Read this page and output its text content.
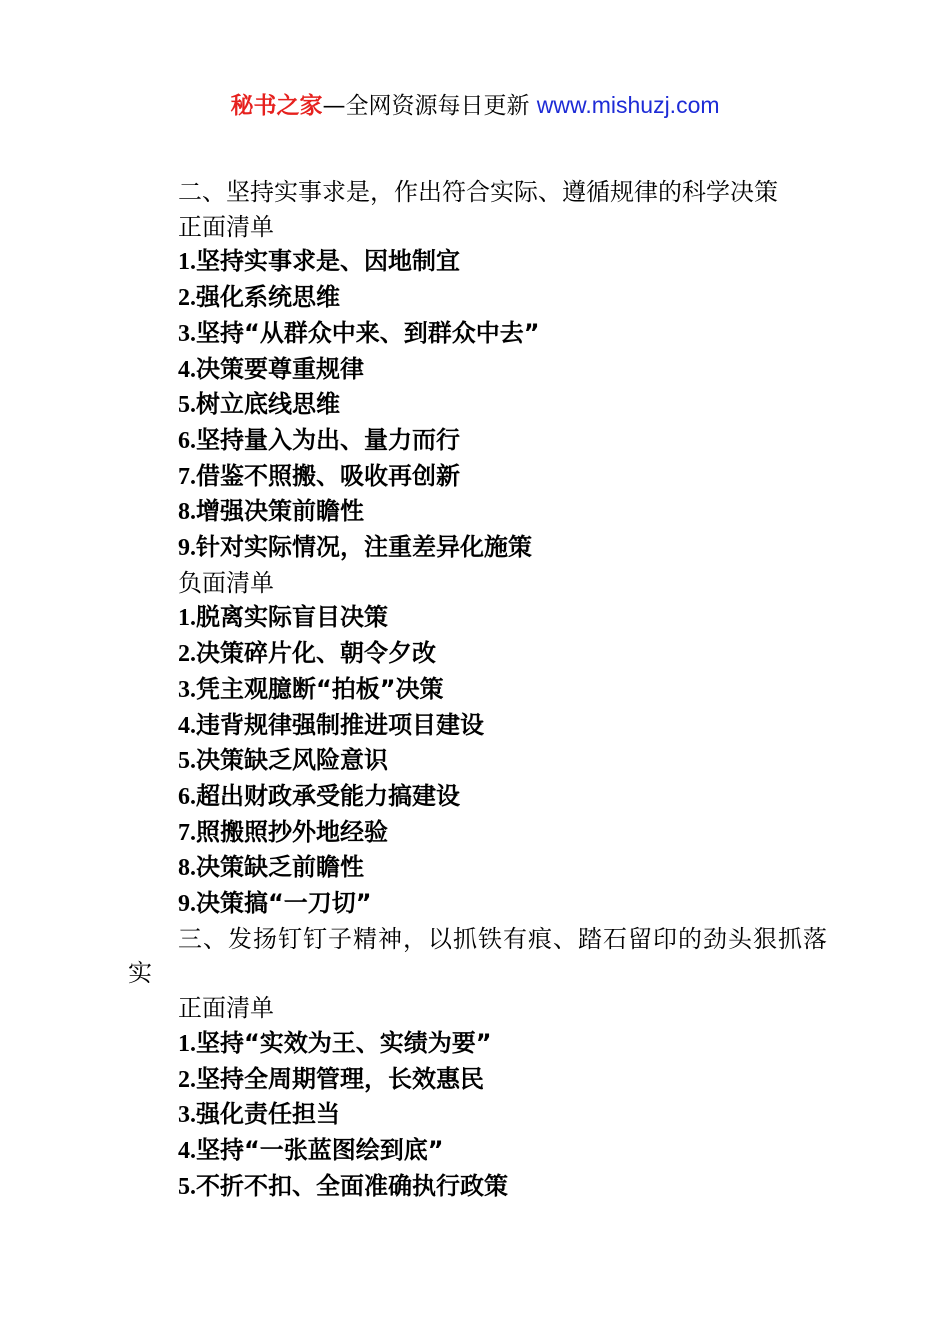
秘书之家—全网资源每日更新 www.mishuzj.com
二、坚持实事求是，作出符合实际、遵循规律的科学决策
正面清单
1.坚持实事求是、因地制宜
2.强化系统思维
3.坚持“从群众中来、到群众中去”
4.决策要尊重规律
5.树立底线思维
6.坚持量入为出、量力而行
7.借鉴不照搬、吸收再创新
8.增强决策前瞻性
9.针对实际情况，注重差异化施策
负面清单
1.脱离实际盲目决策
2.决策碎片化、朝令夕改
3.凭主观臆断“拍板”决策
4.违背规律强制推进项目建设
5.决策缺乏风险意识
6.超出财政承受能力搞建设
7.照搬照抄外地经验
8.决策缺乏前瞻性
9.决策搞“一刀切”
三、发扬钉钉子精神，以抓铁有痕、踏石留印的劲头狠抓落实
正面清单
1.坚持“实效为王、实绩为要”
2.坚持全周期管理，长效惠民
3.强化责任担当
4.坚持“一张蓝图绘到底”
5.不折不扣、全面准确执行政策
